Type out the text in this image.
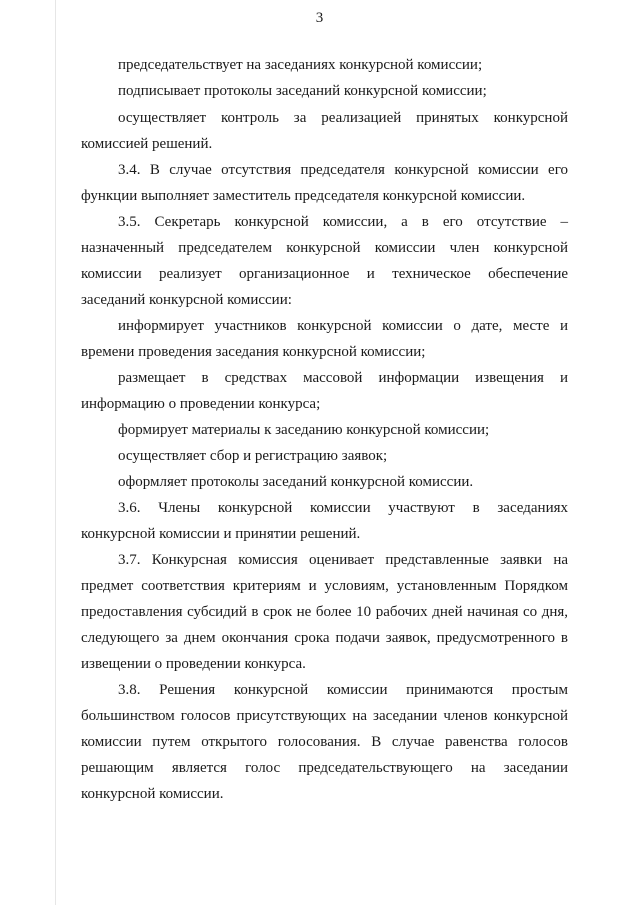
3
председательствует на заседаниях конкурсной комиссии;
подписывает протоколы заседаний конкурсной комиссии;
осуществляет контроль за реализацией принятых конкурсной
комиссией решений.
3.4. В случае отсутствия председателя конкурсной комиссии его
функции выполняет заместитель председателя конкурсной комиссии.
3.5. Секретарь конкурсной комиссии, а в его отсутствие –
назначенный председателем конкурсной комиссии член конкурсной
комиссии реализует организационное и техническое обеспечение
заседаний конкурсной комиссии:
информирует участников конкурсной комиссии о дате, месте и
времени проведения заседания конкурсной комиссии;
размещает в средствах массовой информации извещения и
информацию о проведении конкурса;
формирует материалы к заседанию конкурсной комиссии;
осуществляет сбор и регистрацию заявок;
оформляет протоколы заседаний конкурсной комиссии.
3.6. Члены конкурсной комиссии участвуют в заседаниях
конкурсной комиссии и принятии решений.
3.7. Конкурсная комиссия оценивает представленные заявки на
предмет соответствия критериям и условиям, установленным Порядком
предоставления субсидий в срок не более 10 рабочих дней начиная со дня,
следующего за днем окончания срока подачи заявок, предусмотренного в
извещении о проведении конкурса.
3.8. Решения конкурсной комиссии принимаются простым
большинством голосов присутствующих на заседании членов конкурсной
комиссии путем открытого голосования. В случае равенства голосов
решающим является голос председательствующего на заседании
конкурсной комиссии.
